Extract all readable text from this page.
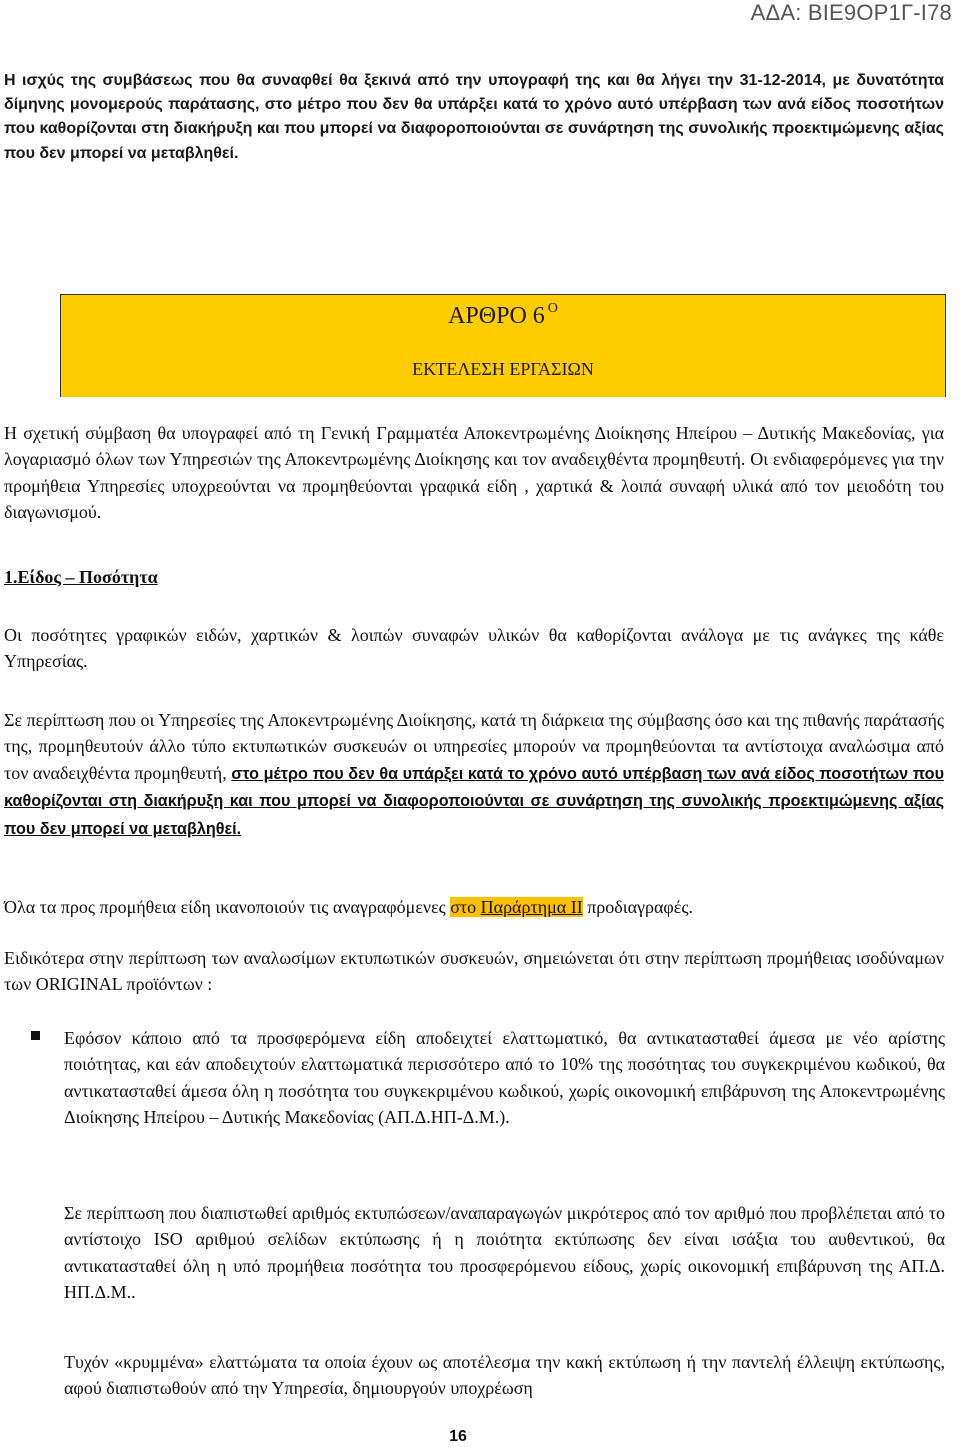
ΑΔΑ: ΒΙΕ9ΟΡ1Γ-Ι78

Η ισχύς της συμβάσεως που θα συναφθεί θα ξεκινά από την υπογραφή της και θα λήγει την 31-12-2014, με δυνατότητα δίμηνης μονομερούς παράτασης, στο μέτρο που δεν θα υπάρξει κατά το χρόνο αυτό υπέρβαση των ανά είδος ποσοτήτων που καθορίζονται στη διακήρυξη και που μπορεί να διαφοροποιούνται σε συνάρτηση της συνολικής προεκτιμώμενης αξίας που δεν μπορεί να μεταβληθεί.

ΑΡΘΡΟ 6 $^O$
ΕΚΤΕΛΕΣΗ ΕΡΓΑΣΙΩΝ

Η σχετική σύμβαση θα υπογραφεί από τη Γενική Γραμματέα Αποκεντρωμένης Διοίκησης Ηπείρου – Δυτικής Μακεδονίας, για λογαριασμό όλων των Υπηρεσιών της Αποκεντρωμένης Διοίκησης και τον αναδειχθέντα προμηθευτή. Οι ενδιαφερόμενες για την προμήθεια Υπηρεσίες υποχρεούνται να προμηθεύονται γραφικά είδη , χαρτικά & λοιπά συναφή υλικά από τον μειοδότη του διαγωνισμού.

1.Είδος – Ποσότητα

Οι ποσότητες γραφικών ειδών, χαρτικών & λοιπών συναφών υλικών θα καθορίζονται ανάλογα με τις ανάγκες της κάθε Υπηρεσίας.

Σε περίπτωση που οι Υπηρεσίες της Αποκεντρωμένης Διοίκησης, κατά τη διάρκεια της σύμβασης όσο και της πιθανής παράτασής της, προμηθευτούν άλλο τύπο εκτυπωτικών συσκευών οι υπηρεσίες μπορούν να προμηθεύονται τα αντίστοιχα αναλώσιμα από τον αναδειχθέντα προμηθευτή, στο μέτρο που δεν θα υπάρξει κατά το χρόνο αυτό υπέρβαση των ανά είδος ποσοτήτων που καθορίζονται στη διακήρυξη και που μπορεί να διαφοροποιούνται σε συνάρτηση της συνολικής προεκτιμώμενης αξίας που δεν μπορεί να μεταβληθεί.

Όλα τα προς προμήθεια είδη ικανοποιούν τις αναγραφόμενες στο Παράρτημα ΙΙ προδιαγραφές.

Ειδικότερα στην περίπτωση των αναλωσίμων εκτυπωτικών συσκευών, σημειώνεται ότι στην περίπτωση προμήθειας ισοδύναμων των ORIGINAL προϊόντων :

Εφόσον κάποιο από τα προσφερόμενα είδη αποδειχτεί ελαττωματικό, θα αντικατασταθεί άμεσα με νέο αρίστης ποιότητας, και εάν αποδειχτούν ελαττωματικά περισσότερο από το 10% της ποσότητας του συγκεκριμένου κωδικού, θα αντικατασταθεί άμεσα όλη η ποσότητα του συγκεκριμένου κωδικού, χωρίς οικονομική επιβάρυνση της Αποκεντρωμένης Διοίκησης Ηπείρου – Δυτικής Μακεδονίας (ΑΠ.Δ.ΗΠ-Δ.Μ.).

Σε περίπτωση που διαπιστωθεί αριθμός εκτυπώσεων/αναπαραγωγών μικρότερος από τον αριθμό που προβλέπεται από το αντίστοιχο ISO αριθμού σελίδων εκτύπωσης ή η ποιότητα εκτύπωσης δεν είναι ισάξια του αυθεντικού, θα αντικατασταθεί όλη η υπό προμήθεια ποσότητα του προσφερόμενου είδους, χωρίς οικονομική επιβάρυνση της ΑΠ.Δ. ΗΠ.Δ.Μ..

Τυχόν «κρυμμένα» ελαττώματα τα οποία έχουν ως αποτέλεσμα την κακή εκτύπωση ή την παντελή έλλειψη εκτύπωσης, αφού διαπιστωθούν από την Υπηρεσία, δημιουργούν υποχρέωση

16
